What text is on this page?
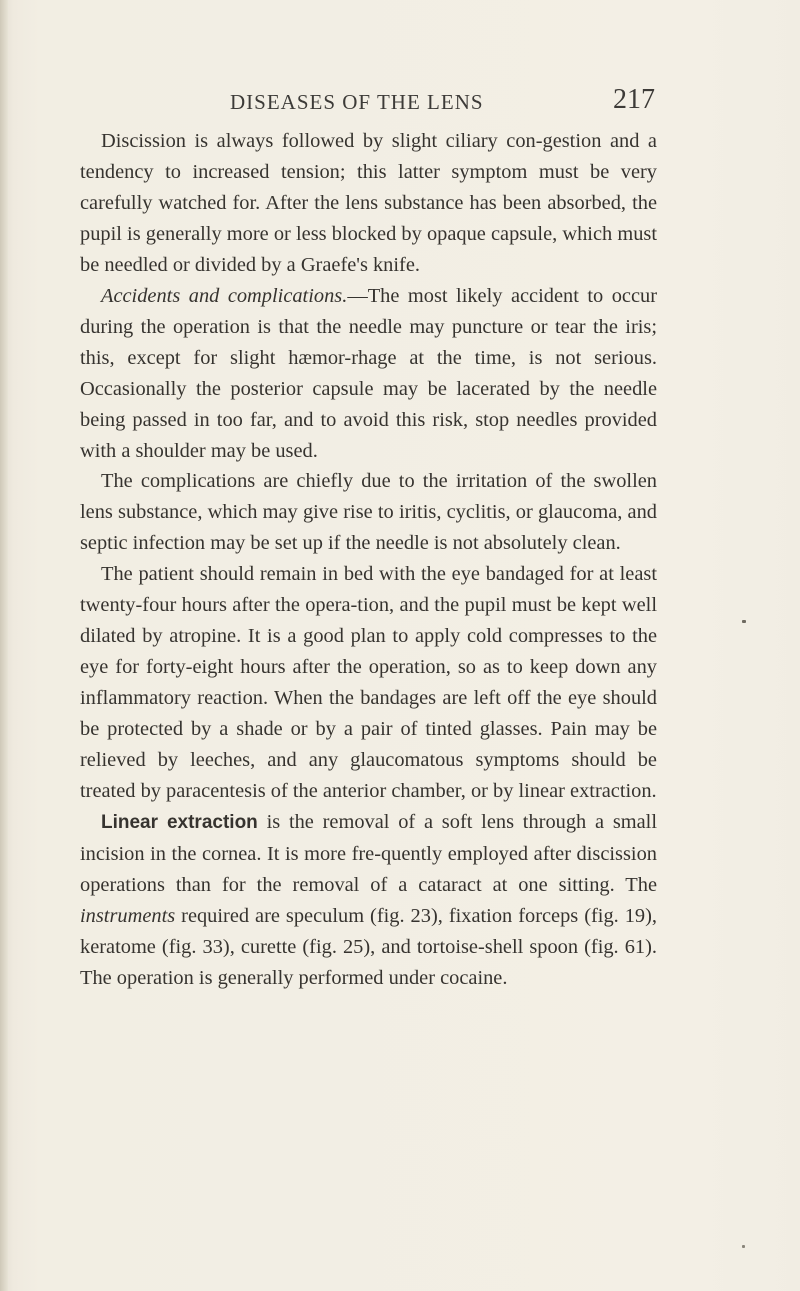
DISEASES OF THE LENS	217

Discission is always followed by slight ciliary con-gestion and a tendency to increased tension; this latter symptom must be very carefully watched for. After the lens substance has been absorbed, the pupil is generally more or less blocked by opaque capsule, which must be needled or divided by a Graefe's knife.

Accidents and complications.—The most likely accident to occur during the operation is that the needle may puncture or tear the iris; this, except for slight hæmor-rhage at the time, is not serious. Occasionally the posterior capsule may be lacerated by the needle being passed in too far, and to avoid this risk, stop needles provided with a shoulder may be used.

The complications are chiefly due to the irritation of the swollen lens substance, which may give rise to iritis, cyclitis, or glaucoma, and septic infection may be set up if the needle is not absolutely clean.

The patient should remain in bed with the eye bandaged for at least twenty-four hours after the opera-tion, and the pupil must be kept well dilated by atropine. It is a good plan to apply cold compresses to the eye for forty-eight hours after the operation, so as to keep down any inflammatory reaction. When the bandages are left off the eye should be protected by a shade or by a pair of tinted glasses. Pain may be relieved by leeches, and any glaucomatous symptoms should be treated by paracentesis of the anterior chamber, or by linear extraction.

Linear extraction is the removal of a soft lens through a small incision in the cornea. It is more fre-quently employed after discission operations than for the removal of a cataract at one sitting. The instruments required are speculum (fig. 23), fixation forceps (fig. 19), keratome (fig. 33), curette (fig. 25), and tortoise-shell spoon (fig. 61). The operation is generally performed under cocaine.
